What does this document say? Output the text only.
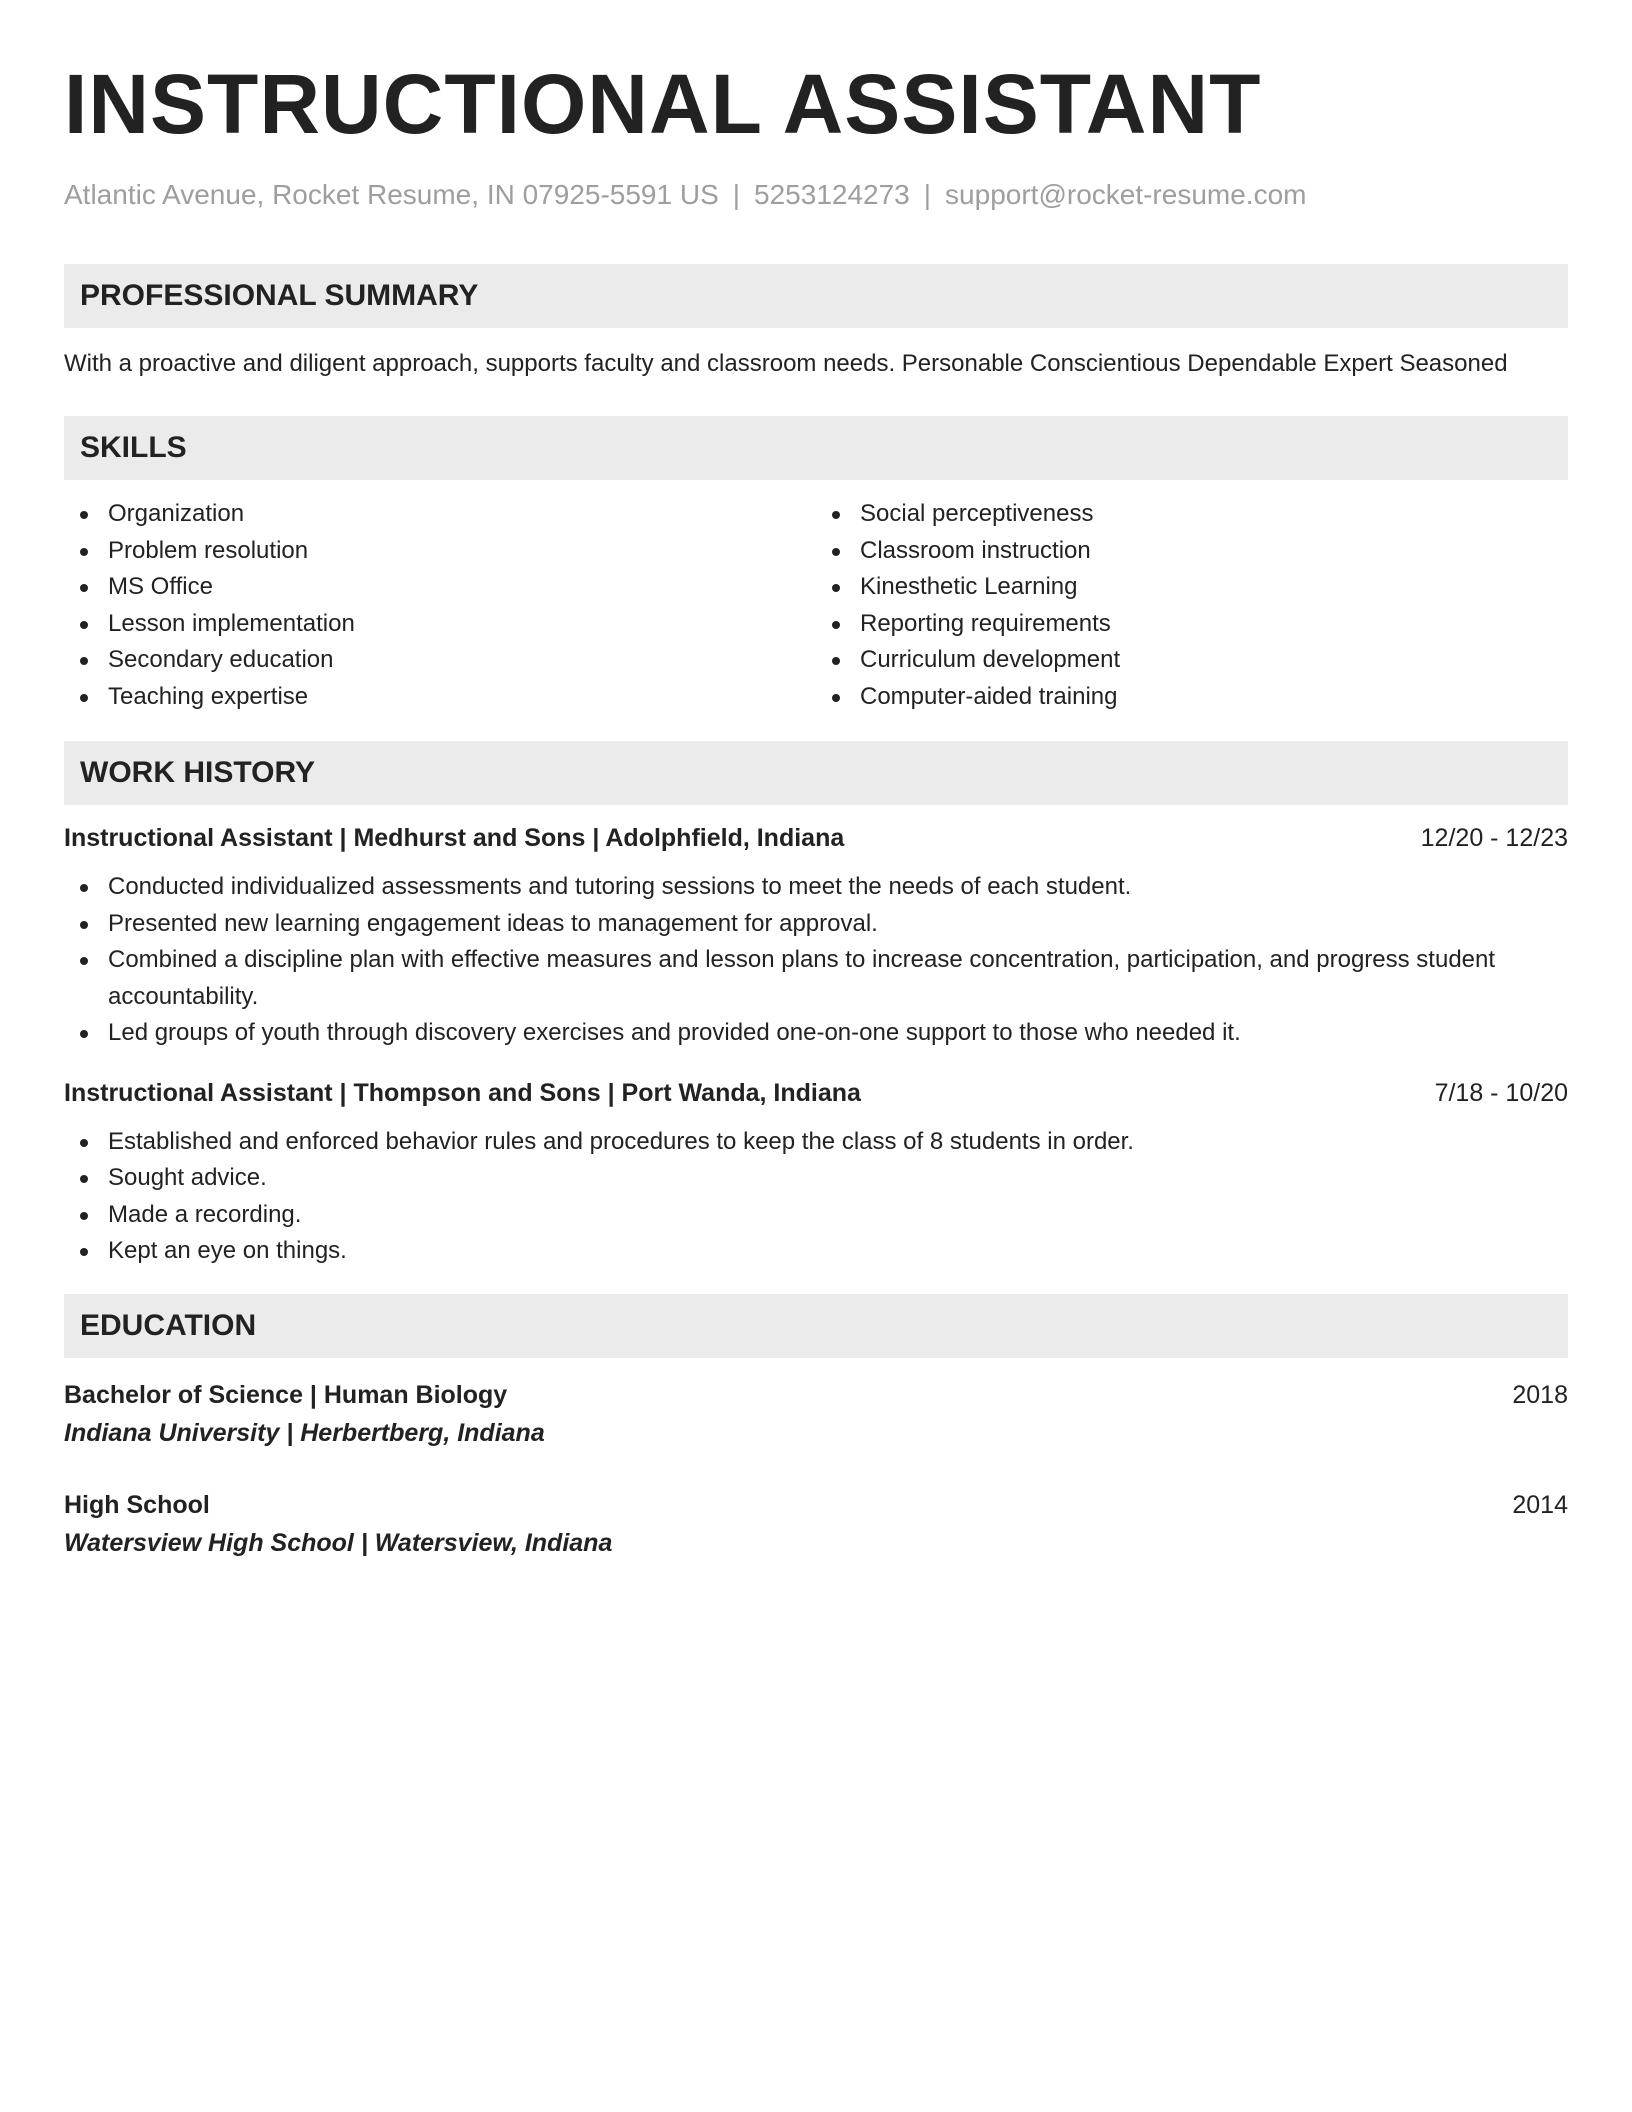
INSTRUCTIONAL ASSISTANT
Atlantic Avenue, Rocket Resume, IN 07925-5591 US | 5253124273 | support@rocket-resume.com
PROFESSIONAL SUMMARY
With a proactive and diligent approach, supports faculty and classroom needs. Personable Conscientious Dependable Expert Seasoned
SKILLS
Organization
Problem resolution
MS Office
Lesson implementation
Secondary education
Teaching expertise
Social perceptiveness
Classroom instruction
Kinesthetic Learning
Reporting requirements
Curriculum development
Computer-aided training
WORK HISTORY
Instructional Assistant | Medhurst and Sons | Adolphfield, Indiana	12/20 - 12/23
Conducted individualized assessments and tutoring sessions to meet the needs of each student.
Presented new learning engagement ideas to management for approval.
Combined a discipline plan with effective measures and lesson plans to increase concentration, participation, and progress student accountability.
Led groups of youth through discovery exercises and provided one-on-one support to those who needed it.
Instructional Assistant | Thompson and Sons | Port Wanda, Indiana	7/18 - 10/20
Established and enforced behavior rules and procedures to keep the class of 8 students in order.
Sought advice.
Made a recording.
Kept an eye on things.
EDUCATION
Bachelor of Science | Human Biology	2018
Indiana University | Herbertberg, Indiana
High School	2014
Watersview High School | Watersview, Indiana
